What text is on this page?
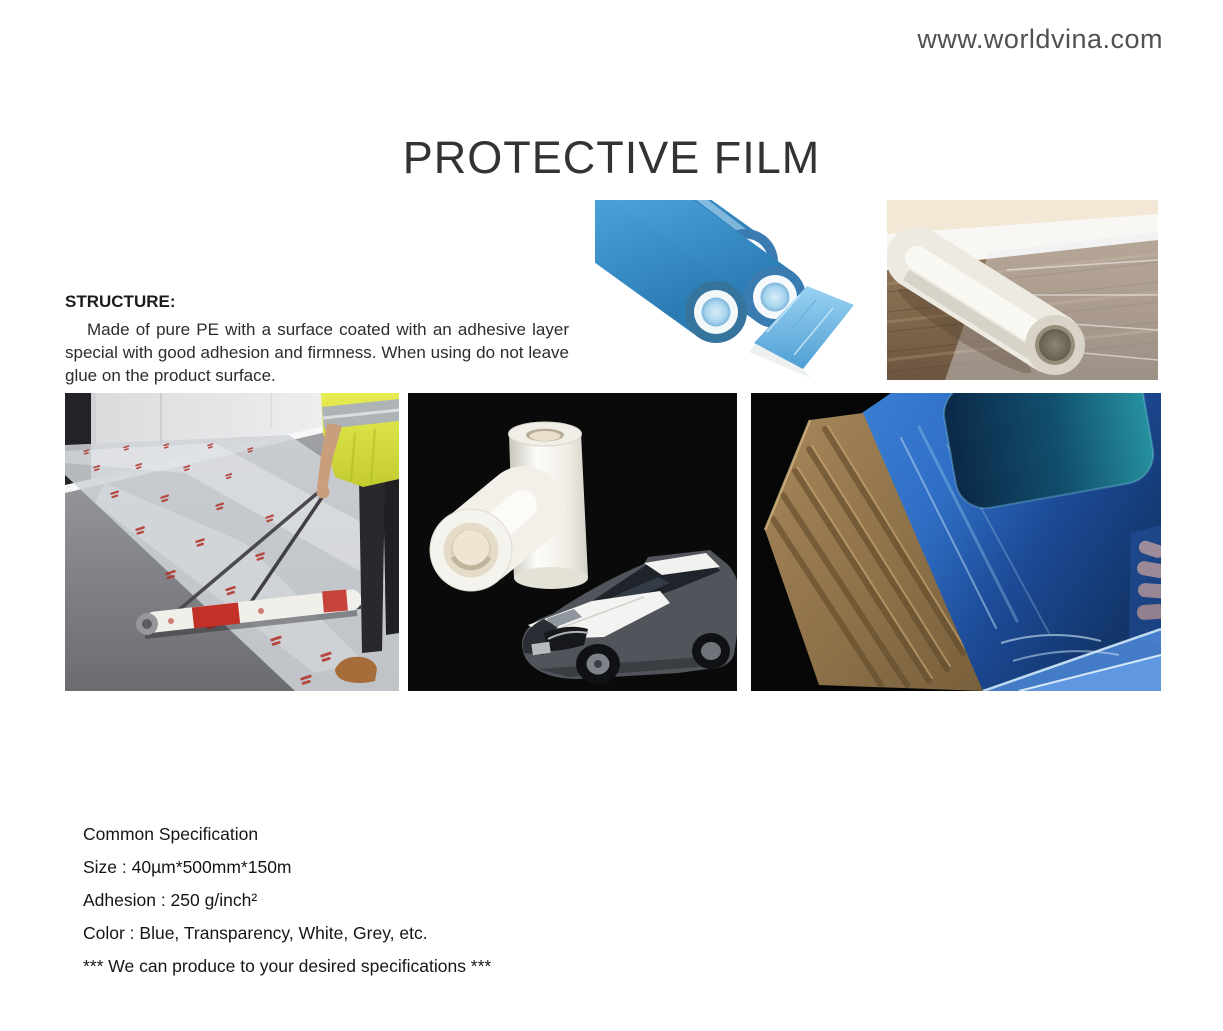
www.worldvina.com
PROTECTIVE FILM
STRUCTURE:

Made of pure PE with a surface coated with an adhesive layer special with good adhesion and firmness. When using do not leave glue on the product surface.

Common Specification

Size : 40µm*500mm*150m

Adhesion : 250 g/inch²

Color : Blue, Transparency, White, Grey, etc.

*** We can produce to your desired specifications ***
